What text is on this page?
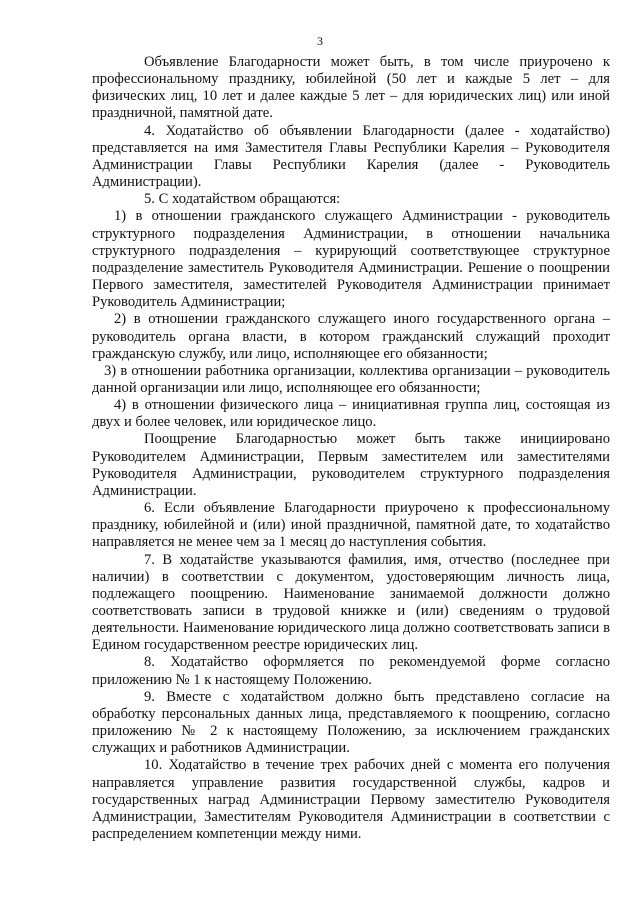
3

Объявление Благодарности может быть, в том числе приурочено к профессиональному празднику, юбилейной (50 лет и каждые 5 лет – для физических лиц, 10 лет и далее каждые 5 лет – для юридических лиц) или иной праздничной, памятной дате.

4. Ходатайство об объявлении Благодарности (далее - ходатайство) представляется на имя Заместителя Главы Республики Карелия – Руководителя Администрации Главы Республики Карелия (далее - Руководитель Администрации).

5. С ходатайством обращаются:

1) в отношении гражданского служащего Администрации - руководитель структурного подразделения Администрации, в отношении начальника структурного подразделения – курирующий соответствующее структурное подразделение заместитель Руководителя Администрации. Решение о поощрении Первого заместителя, заместителей Руководителя Администрации принимает Руководитель Администрации;

2) в отношении гражданского служащего иного государственного органа – руководитель органа власти, в котором гражданский служащий проходит гражданскую службу, или лицо, исполняющее его обязанности;

3) в отношении работника организации, коллектива организации – руководитель данной организации или лицо, исполняющее его обязанности;

4) в отношении физического лица – инициативная группа лиц, состоящая из двух и более человек, или юридическое лицо.

Поощрение Благодарностью может быть также инициировано Руководителем Администрации, Первым заместителем или заместителями Руководителя Администрации, руководителем структурного подразделения Администрации.

6. Если объявление Благодарности приурочено к профессиональному празднику, юбилейной и (или) иной праздничной, памятной дате, то ходатайство направляется не менее чем за 1 месяц до наступления события.

7. В ходатайстве указываются фамилия, имя, отчество (последнее при наличии) в соответствии с документом, удостоверяющим личность лица, подлежащего поощрению. Наименование занимаемой должности должно соответствовать записи в трудовой книжке и (или) сведениям о трудовой деятельности. Наименование юридического лица должно соответствовать записи в Едином государственном реестре юридических лиц.

8. Ходатайство оформляется по рекомендуемой форме согласно приложению № 1 к настоящему Положению.

9. Вместе с ходатайством должно быть представлено согласие на обработку персональных данных лица, представляемого к поощрению, согласно приложению № 2 к настоящему Положению, за исключением гражданских служащих и работников Администрации.

10. Ходатайство в течение трех рабочих дней с момента его получения направляется управление развития государственной службы, кадров и государственных наград Администрации Первому заместителю Руководителя Администрации, Заместителям Руководителя Администрации в соответствии с распределением компетенции между ними.
